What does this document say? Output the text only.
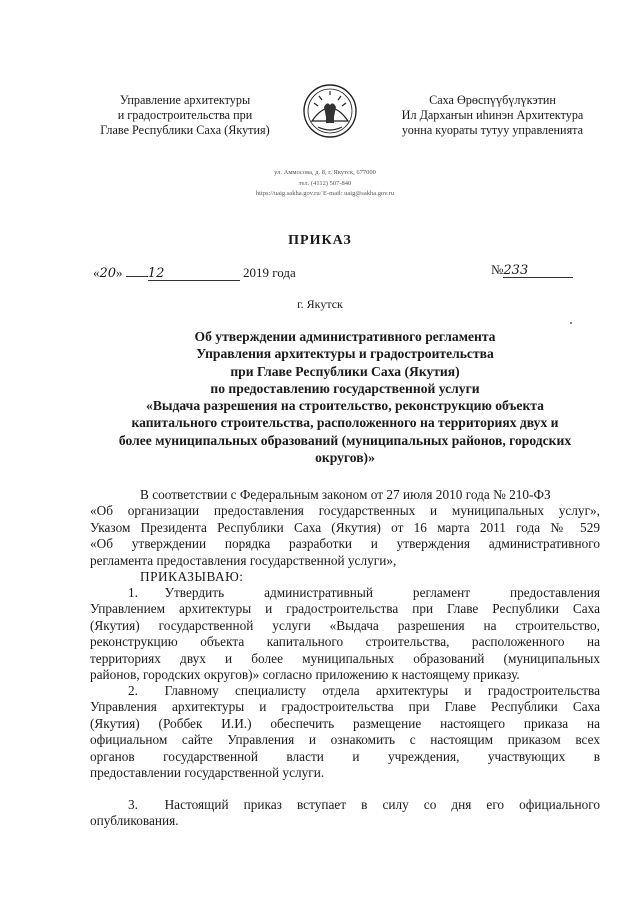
Управление архитектуры
и градостроительства при
Главе Республики Саха (Якутия)
Саха Өрөспүүбүлүкэтин
Ил Дархаҥын иһинэн Архитектура
уонна куораты тутуу управленията
ул. Аммосова, д. 8, г. Якутск, 677000
тел. (4112) 507-840
https://uaig.sakha.gov.ru/ E-mail: uaig@sakha.gov.ru
ПРИКАЗ
«20» 12	2019 года	№233
г. Якутск
Об утверждении административного регламента
Управления архитектуры и градостроительства
при Главе Республики Саха (Якутия)
по предоставлению государственной услуги
«Выдача разрешения на строительство, реконструкцию объекта
капитального строительства, расположенного на территориях двух и
более муниципальных образований (муниципальных районов, городских
округов)»
В соответствии с Федеральным законом от 27 июля 2010 года № 210-ФЗ
«Об организации предоставления государственных и муниципальных услуг»,
Указом Президента Республики Саха (Якутия) от 16 марта 2011 года № 529
«Об утверждении порядка разработки и утверждения административного
регламента предоставления государственной услуги»,
ПРИКАЗЫВАЮ:
1.   Утвердить административный регламент предоставления
Управлением архитектуры и градостроительства при Главе Республики Саха
(Якутия) государственной услуги «Выдача разрешения на строительство,
реконструкцию объекта капитального строительства, расположенного на
территориях двух и более муниципальных образований (муниципальных
районов, городских округов)» согласно приложению к настоящему приказу.
2.   Главному специалисту отдела архитектуры и градостроительства
Управления архитектуры и градостроительства при Главе Республики Саха
(Якутия) (Роббек И.И.) обеспечить размещение настоящего приказа на
официальном сайте Управления и ознакомить с настоящим приказом всех
органов государственной власти и учреждения, участвующих в
предоставлении государственной услуги.
3.   Настоящий приказ вступает в силу со дня его официального
опубликования.
